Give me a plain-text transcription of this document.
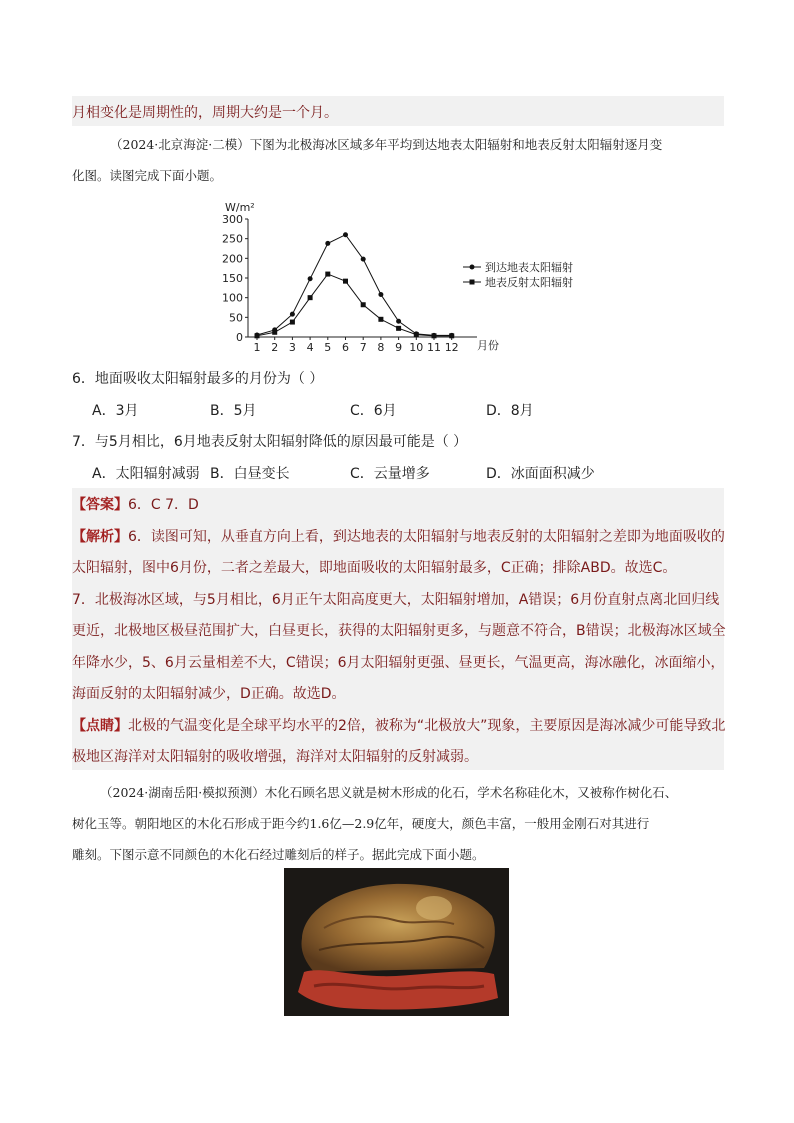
月相变化是周期性的，周期大约是一个月。
（2024·北京海淀·二模）下图为北极海冰区域多年平均到达地表太阳辐射和地表反射太阳辐射逐月变
化图。读图完成下面小题。
W/m²
0
50
100
150
200
250
300
1 2 3 4 5 6 7 8 9 10 11 12 月份
到达地表太阳辐射
地表反射太阳辐射
6．地面吸收太阳辐射最多的月份为（ ）
A．3月	B．5月	C．6月	D．8月
7．与5月相比，6月地表反射太阳辐射降低的原因最可能是（ ）
A．太阳辐射减弱 B．白昼变长	C．云量增多	D．冰面面积减少
【答案】6．C 7．D
【解析】6．读图可知，从垂直方向上看，到达地表的太阳辐射与地表反射的太阳辐射之差即为地面吸收的
太阳辐射，图中6月份，二者之差最大，即地面吸收的太阳辐射最多，C正确；排除ABD。故选C。
7．北极海冰区域，与5月相比，6月正午太阳高度更大，太阳辐射增加，A错误；6月份直射点离北回归线
更近，北极地区极昼范围扩大，白昼更长，获得的太阳辐射更多，与题意不符合，B错误；北极海冰区域全
年降水少，5、6月云量相差不大，C错误；6月太阳辐射更强、昼更长，气温更高，海冰融化，冰面缩小，
海面反射的太阳辐射减少，D正确。故选D。
【点睛】北极的气温变化是全球平均水平的2倍，被称为“北极放大”现象，主要原因是海冰减少可能导致北
极地区海洋对太阳辐射的吸收增强，海洋对太阳辐射的反射减弱。
（2024·湖南岳阳·模拟预测）木化石顾名思义就是树木形成的化石，学术名称硅化木，又被称作树化石、
树化玉等。朝阳地区的木化石形成于距今约1.6亿—2.9亿年，硬度大，颜色丰富，一般用金刚石对其进行
雕刻。下图示意不同颜色的木化石经过雕刻后的样子。据此完成下面小题。
